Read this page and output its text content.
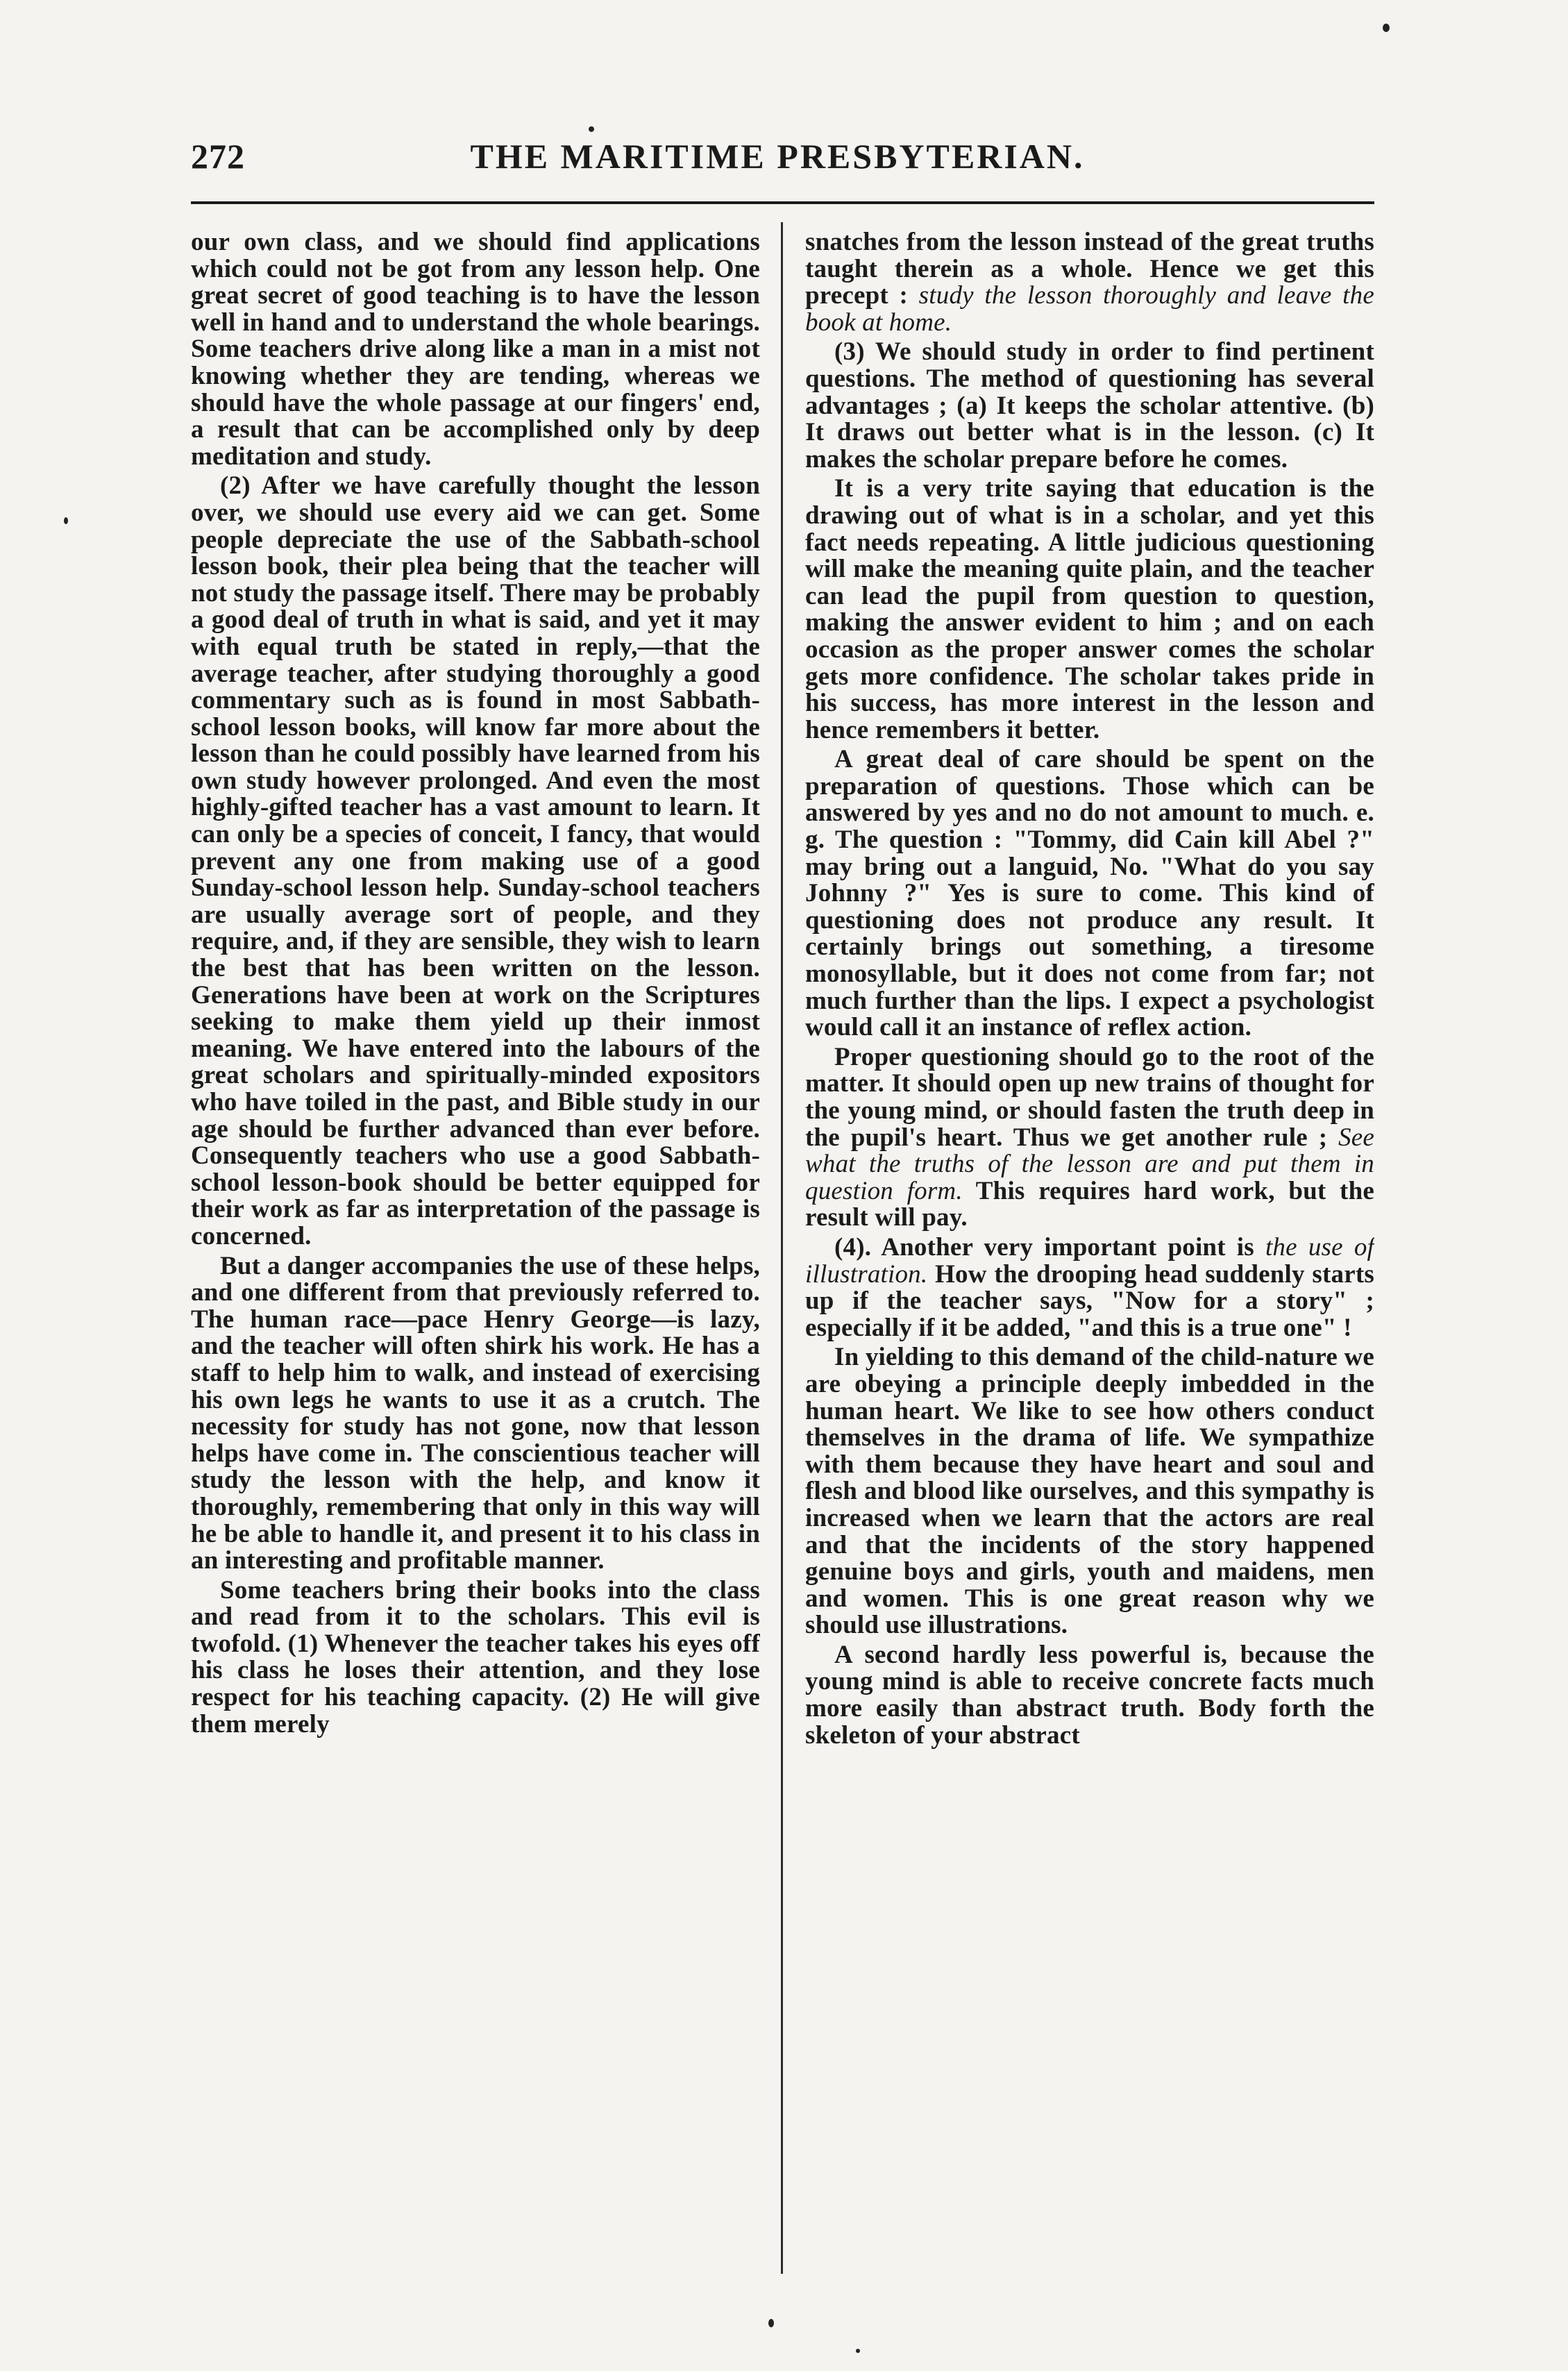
272	THE MARITIME PRESBYTERIAN.

our own class, and we should find applications which could not be got from any lesson help. One great secret of good teaching is to have the lesson well in hand and to understand the whole bearings. Some teachers drive along like a man in a mist not knowing whether they are tending, whereas we should have the whole passage at our fingers' end, a result that can be accomplished only by deep meditation and study.

(2) After we have carefully thought the lesson over, we should use every aid we can get. Some people depreciate the use of the Sabbath-school lesson book, their plea being that the teacher will not study the passage itself. There may be probably a good deal of truth in what is said, and yet it may with equal truth be stated in reply,—that the average teacher, after studying thoroughly a good commentary such as is found in most Sabbath-school lesson books, will know far more about the lesson than he could possibly have learned from his own study however prolonged. And even the most highly-gifted teacher has a vast amount to learn. It can only be a species of conceit, I fancy, that would prevent any one from making use of a good Sunday-school lesson help. Sunday-school teachers are usually average sort of people, and they require, and, if they are sensible, they wish to learn the best that has been written on the lesson. Generations have been at work on the Scriptures seeking to make them yield up their inmost meaning. We have entered into the labours of the great scholars and spiritually-minded expositors who have toiled in the past, and Bible study in our age should be further advanced than ever before. Consequently teachers who use a good Sabbath-school lesson-book should be better equipped for their work as far as interpretation of the passage is concerned.

But a danger accompanies the use of these helps, and one different from that previously referred to. The human race—pace Henry George—is lazy, and the teacher will often shirk his work. He has a staff to help him to walk, and instead of exercising his own legs he wants to use it as a crutch. The necessity for study has not gone, now that lesson helps have come in. The conscientious teacher will study the lesson with the help, and know it thoroughly, remembering that only in this way will he be able to handle it, and present it to his class in an interesting and profitable manner.

Some teachers bring their books into the class and read from it to the scholars. This evil is twofold. (1) Whenever the teacher takes his eyes off his class he loses their attention, and they lose respect for his teaching capacity. (2) He will give them merely

snatches from the lesson instead of the great truths taught therein as a whole. Hence we get this precept : study the lesson thoroughly and leave the book at home.

(3) We should study in order to find pertinent questions. The method of questioning has several advantages ; (a) It keeps the scholar attentive. (b) It draws out better what is in the lesson. (c) It makes the scholar prepare before he comes.

It is a very trite saying that education is the drawing out of what is in a scholar, and yet this fact needs repeating. A little judicious questioning will make the meaning quite plain, and the teacher can lead the pupil from question to question, making the answer evident to him ; and on each occasion as the proper answer comes the scholar gets more confidence. The scholar takes pride in his success, has more interest in the lesson and hence remembers it better.

A great deal of care should be spent on the preparation of questions. Those which can be answered by yes and no do not amount to much. e. g. The question : "Tommy, did Cain kill Abel ?" may bring out a languid, No. "What do you say Johnny ?" Yes is sure to come. This kind of questioning does not produce any result. It certainly brings out something, a tiresome monosyllable, but it does not come from far; not much further than the lips. I expect a psychologist would call it an instance of reflex action.

Proper questioning should go to the root of the matter. It should open up new trains of thought for the young mind, or should fasten the truth deep in the pupil's heart. Thus we get another rule ; See what the truths of the lesson are and put them in question form. This requires hard work, but the result will pay.

(4). Another very important point is the use of illustration. How the drooping head suddenly starts up if the teacher says, "Now for a story" ; especially if it be added, "and this is a true one" !

In yielding to this demand of the child-nature we are obeying a principle deeply imbedded in the human heart. We like to see how others conduct themselves in the drama of life. We sympathize with them because they have heart and soul and flesh and blood like ourselves, and this sympathy is increased when we learn that the actors are real and that the incidents of the story happened genuine boys and girls, youth and maidens, men and women. This is one great reason why we should use illustrations.

A second hardly less powerful is, because the young mind is able to receive concrete facts much more easily than abstract truth. Body forth the skeleton of your abstract
